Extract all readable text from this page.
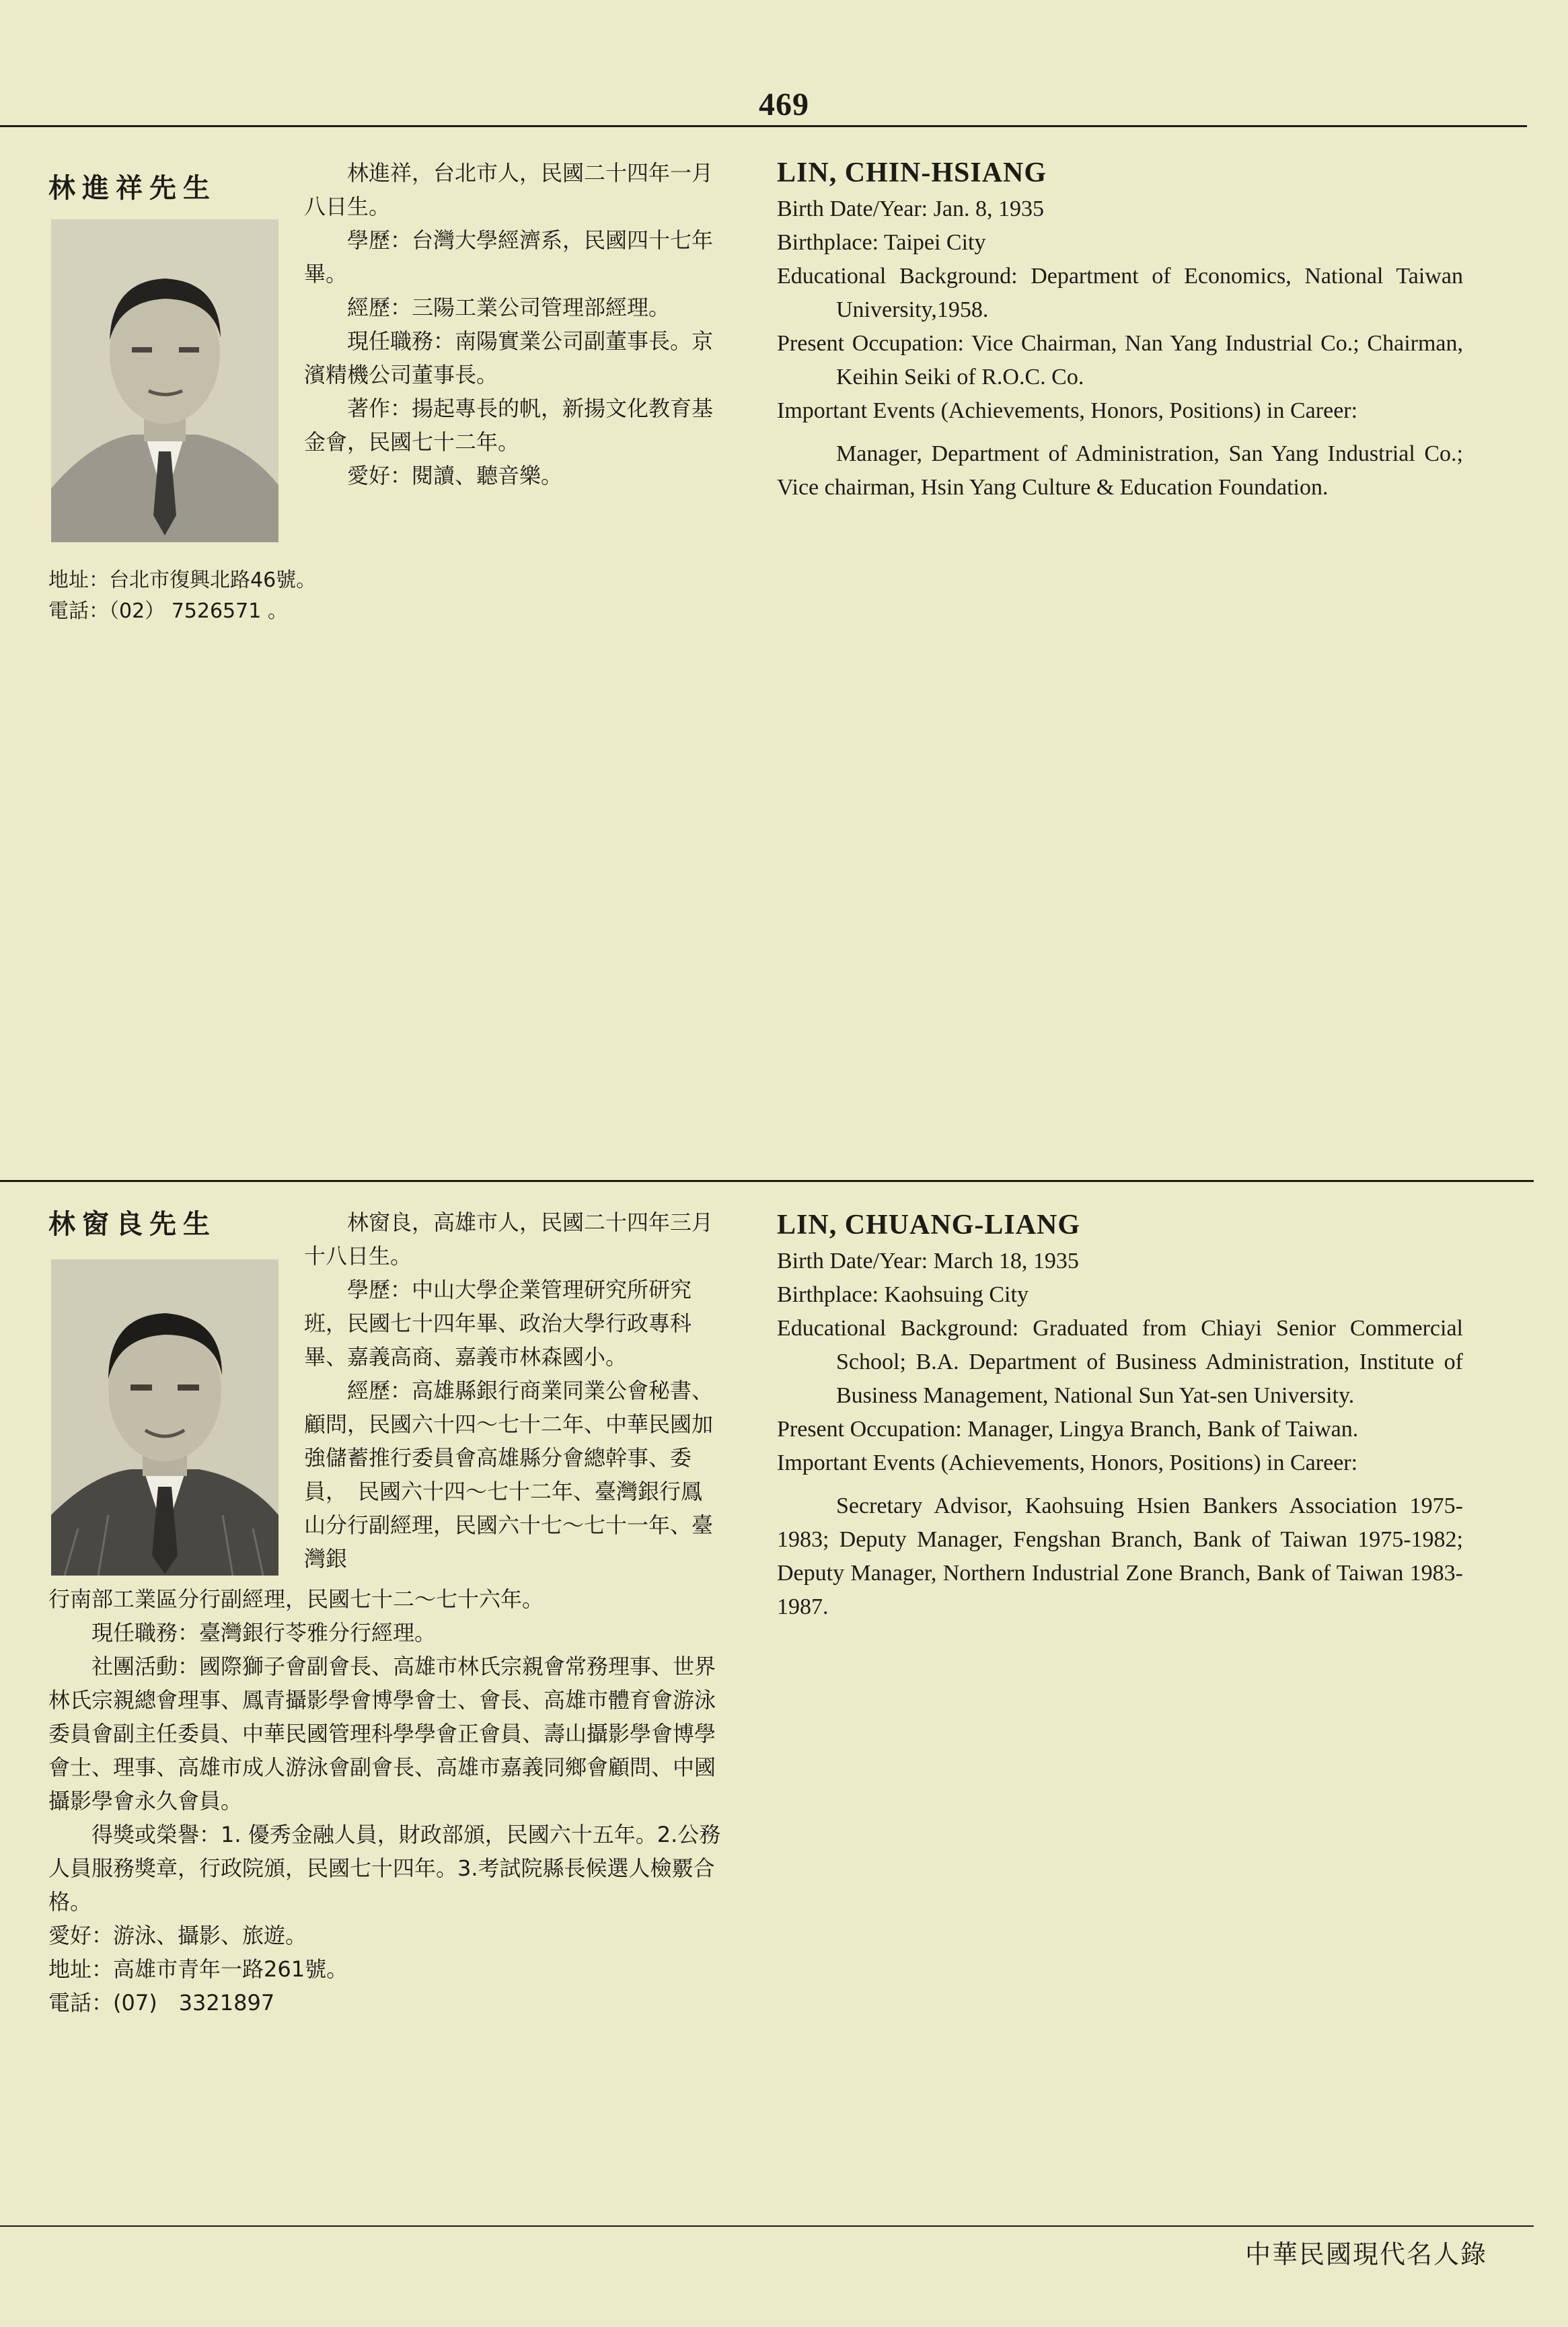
469
林進祥先生	林進祥，台北市人，民國二十四年一月八日生。

學歷：台灣大學經濟系，民國四十七年畢。

經歷：三陽工業公司管理部經理。

現任職務：南陽實業公司副董事長。京濱精機公司董事長。

著作：揚起專長的帆，新揚文化教育基金會，民國七十二年。

愛好：閱讀、聽音樂。

地址：台北市復興北路46號。

電話：（02） 7526571 。

LIN, CHIN-HSIANG

Birth Date/Year: Jan. 8, 1935

Birthplace: Taipei City

Educational Background: Department of Economics, National Taiwan University,1958.

Present Occupation: Vice Chairman, Nan Yang Industrial Co.; Chairman, Keihin Seiki of R.O.C. Co.

Important Events (Achievements, Honors, Positions) in Career:

Manager, Department of Administration, San Yang Industrial Co.; Vice chairman, Hsin Yang Culture & Education Foundation.

林窗良先生	林窗良，高雄市人，民國二十四年三月十八日生。

學歷：中山大學企業管理研究所研究班，民國七十四年畢、政治大學行政專科畢、嘉義高商、嘉義市林森國小。

經歷：高雄縣銀行商業同業公會秘書、顧問，民國六十四～七十二年、中華民國加強儲蓄推行委員會高雄縣分會總幹事、委員，　民國六十四～七十二年、臺灣銀行鳳山分行副經理，民國六十七～七十一年、臺灣銀

行南部工業區分行副經理，民國七十二～七十六年。

現任職務：臺灣銀行苓雅分行經理。

社團活動：國際獅子會副會長、高雄市林氏宗親會常務理事、世界林氏宗親總會理事、鳳青攝影學會博學會士、會長、高雄市體育會游泳委員會副主任委員、中華民國管理科學學會正會員、壽山攝影學會博學會士、理事、高雄市成人游泳會副會長、高雄市嘉義同鄉會顧問、中國攝影學會永久會員。

得獎或榮譽：1. 優秀金融人員，財政部頒，民國六十五年。2.公務人員服務獎章，行政院頒，民國七十四年。3.考試院縣長候選人檢覈合格。

愛好：游泳、攝影、旅遊。

地址：高雄市青年一路261號。

電話：(07)　3321897

LIN, CHUANG-LIANG

Birth Date/Year: March 18, 1935

Birthplace: Kaohsuing City

Educational Background: Graduated from Chiayi Senior Commercial School; B.A. Department of Business Administration, Institute of Business Management, National Sun Yat-sen University.

Present Occupation: Manager, Lingya Branch, Bank of Taiwan.

Important Events (Achievements, Honors, Positions) in Career:

Secretary Advisor, Kaohsuing Hsien Bankers Association 1975-1983; Deputy Manager, Fengshan Branch, Bank of Taiwan 1975-1982; Deputy Manager, Northern Industrial Zone Branch, Bank of Taiwan 1983-1987.

中華民國現代名人錄
